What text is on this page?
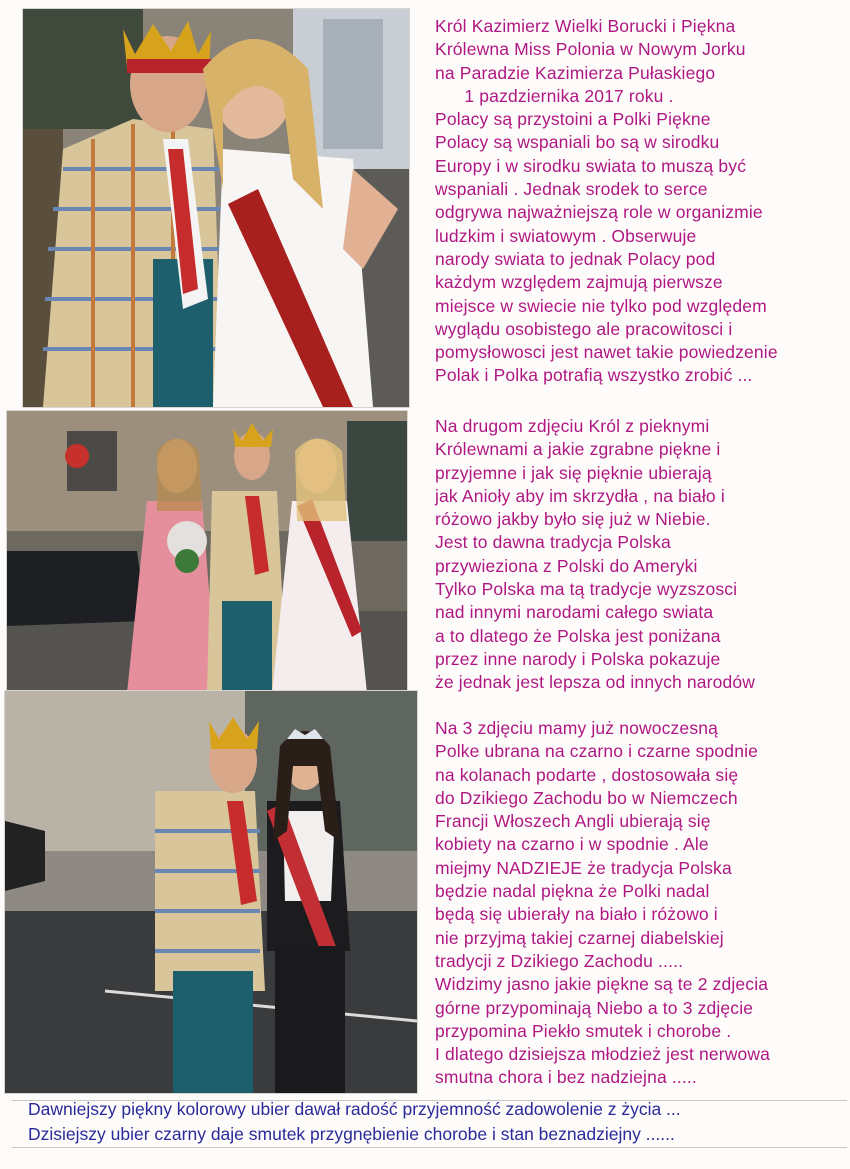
Król Kazimierz Wielki Borucki i Piękna
Królewna Miss Polonia w Nowym Jorku
na Paradzie Kazimierza Pułaskiego
1 pazdziernika 2017 roku .
Polacy są przystoini a Polki Piękne
Polacy są wspaniali bo są w sirodku
Europy i w sirodku swiata to muszą być
wspaniali . Jednak srodek to serce
odgrywa najważniejszą role w organizmie
ludzkim i swiatowym . Obserwuje
narody swiata to jednak Polacy pod
każdym względem zajmują pierwsze
miejsce w swiecie nie tylko pod względem
wyglądu osobistego ale pracowitosci i
pomysłowosci jest nawet takie powiedzenie
Polak i Polka potrafią wszystko zrobić ...
Na drugom zdjęciu Król z pieknymi
Królewnami a jakie zgrabne piękne i
przyjemne i jak się pięknie ubierają
jak Anioły aby im skrzydła , na biało i
różowo jakby było się już w Niebie.
Jest to dawna tradycja Polska
przywieziona z Polski do Ameryki
Tylko Polska ma tą tradycje wyzszosci
nad innymi narodami całego swiata
a to dlatego że Polska jest poniżana
przez inne narody i Polska pokazuje
że jednak jest lepsza od innych narodów
Na 3 zdjęciu mamy już nowoczesną
Polke ubrana na czarno i czarne spodnie
na kolanach podarte , dostosowała się
do Dzikiego Zachodu bo w Niemczech
Francji Włoszech Angli ubierają się
kobiety na czarno i w spodnie . Ale
miejmy NADZIEJE że tradycja Polska
będzie nadal piękna że Polki nadal
będą się ubierały na biało i różowo i
nie przyjmą takiej czarnej diabelskiej
tradycji z Dzikiego Zachodu .....
Widzimy jasno jakie piękne są te 2 zdjecia
górne przypominają Niebo a to 3 zdjęcie
przypomina Piekło smutek i chorobe .
I dlatego dzisiejsza młodzież jest nerwowa
smutna chora i bez nadziejna .....
Dawniejszy piękny kolorowy ubier dawał radość przyjemność zadowolenie z życia ...
Dzisiejszy ubier czarny daje smutek przygnębienie chorobe i stan beznadziejny ......
